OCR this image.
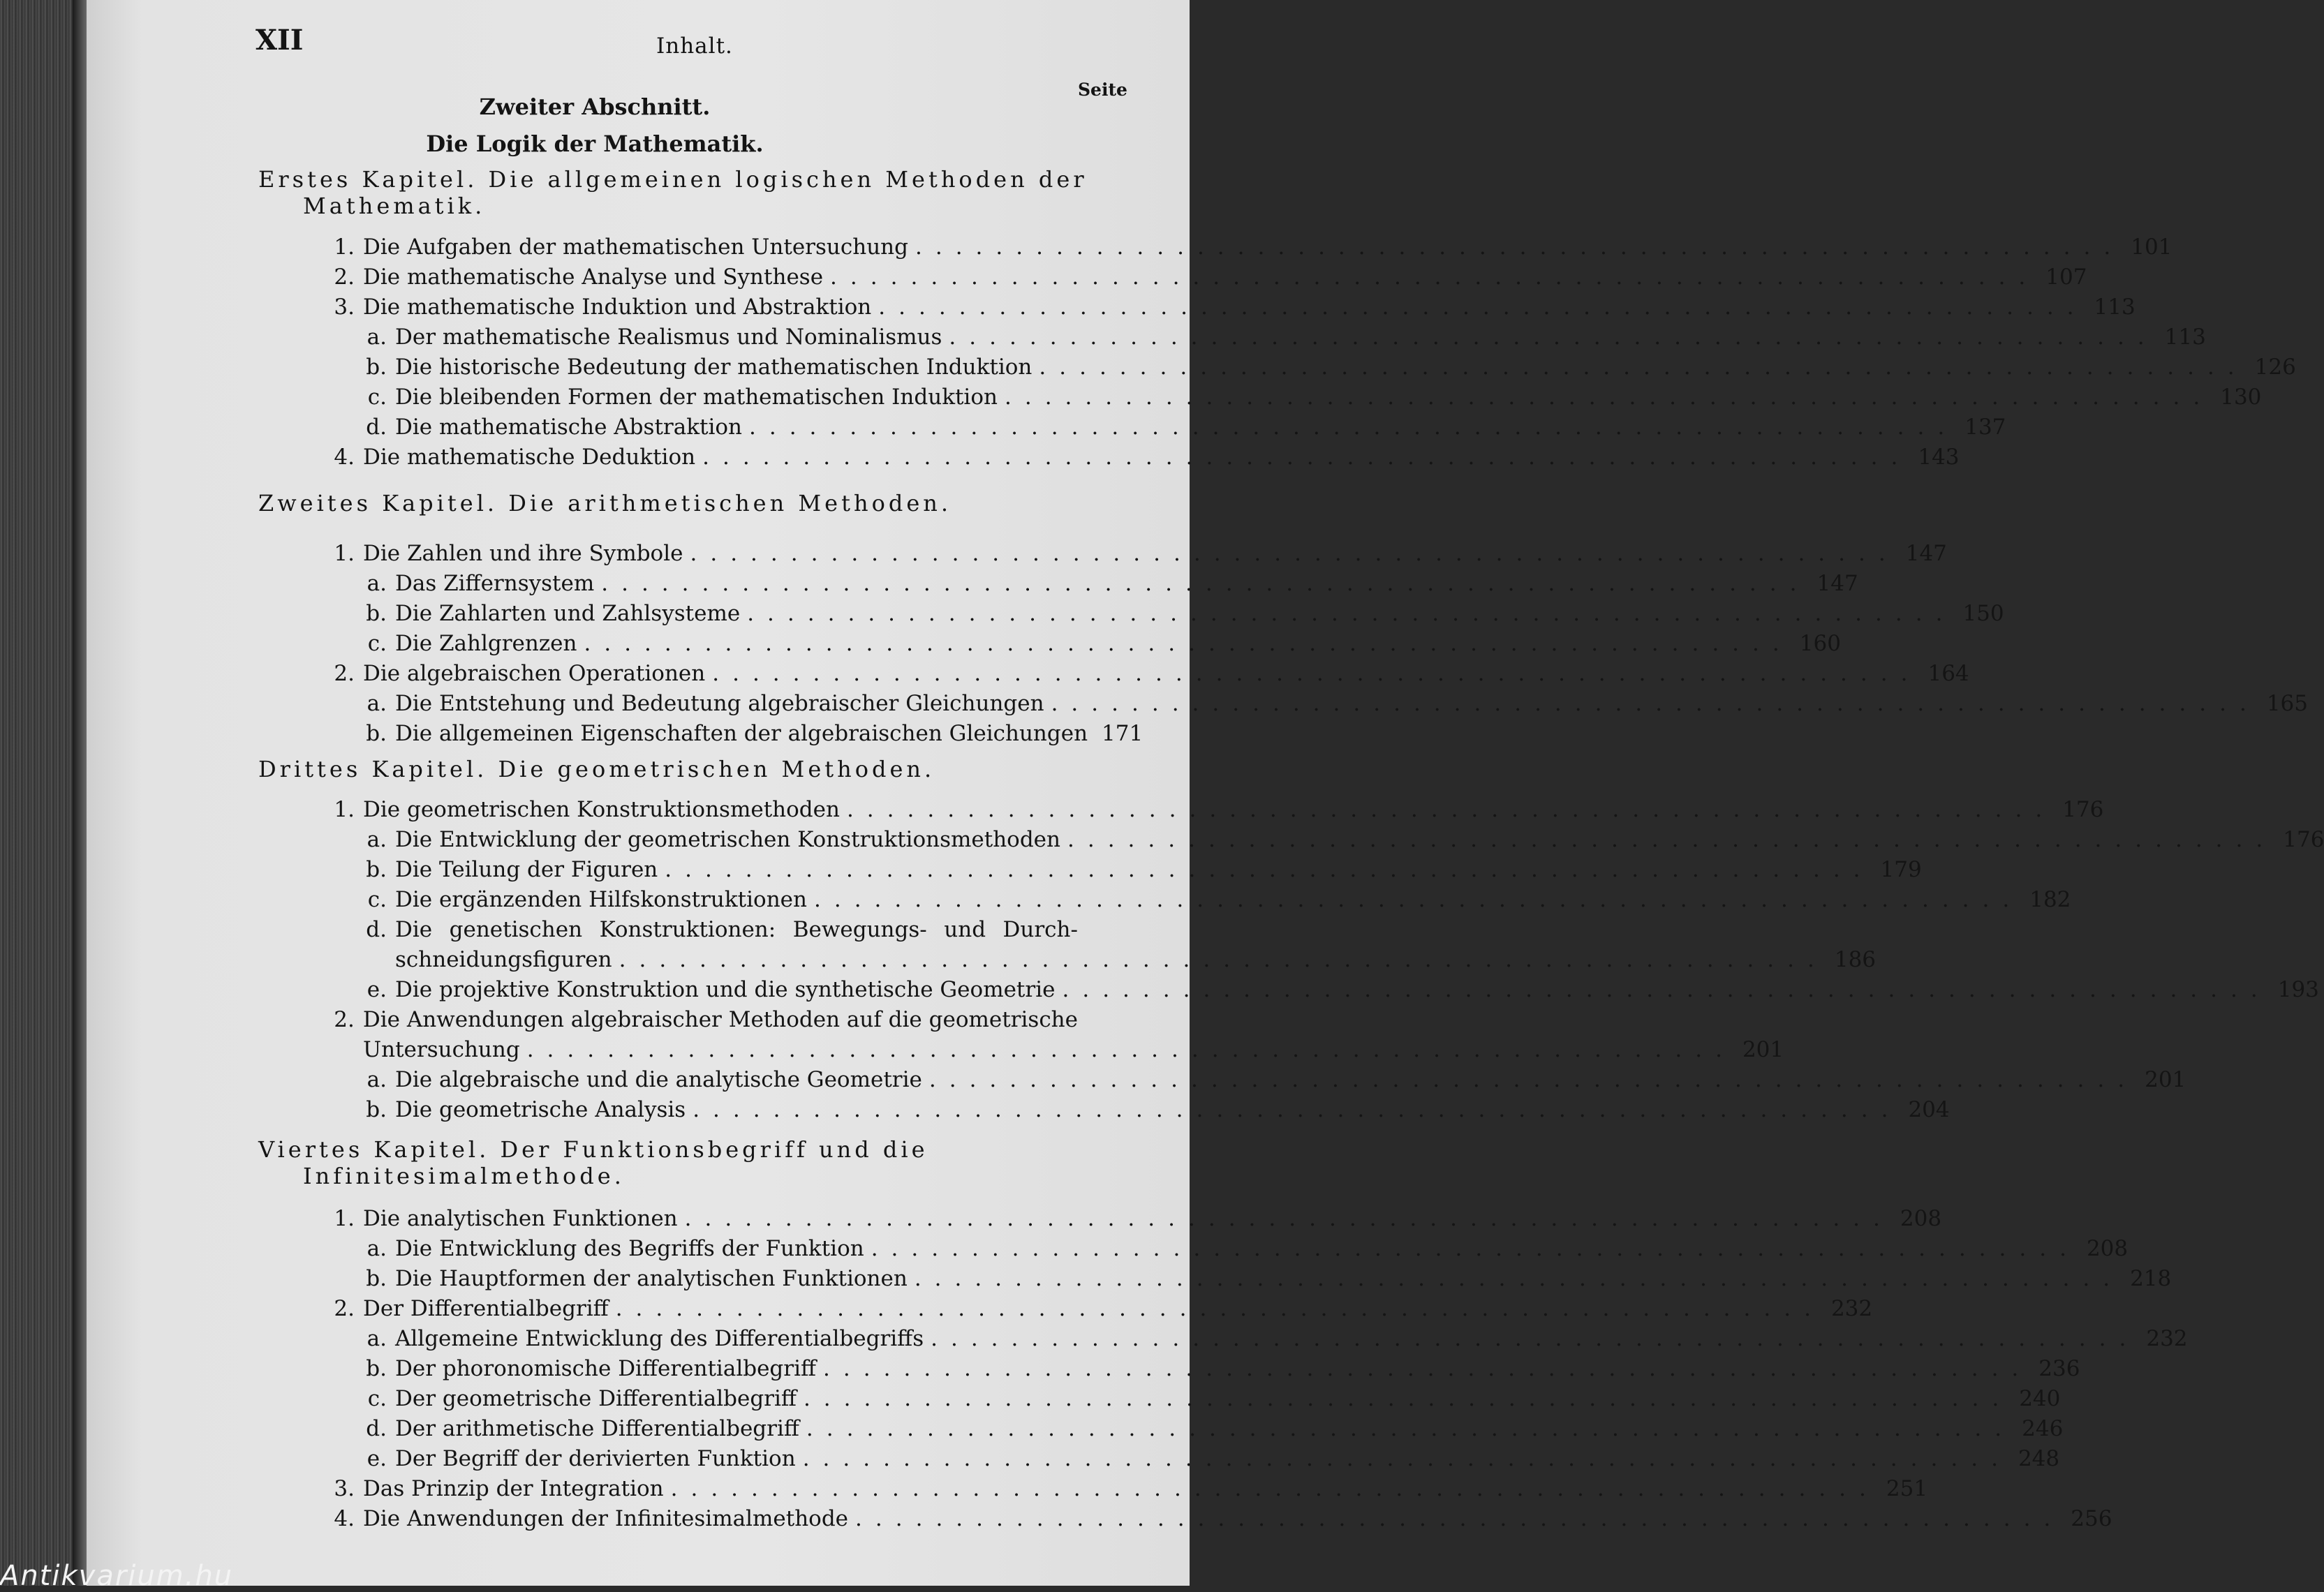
XII	Inhalt.
Seite
Zweiter Abschnitt.
Die Logik der Mathematik.
Erstes Kapitel. Die allgemeinen logischen Methoden der Mathematik.
1. Die Aufgaben der mathematischen Untersuchung ............................................................ 101
2. Die mathematische Analyse und Synthese ............................................................ 107
3. Die mathematische Induktion und Abstraktion ............................................................ 113
a. Der mathematische Realismus und Nominalismus ............................................................ 113
b. Die historische Bedeutung der mathematischen Induktion ............................................................ 126
c. Die bleibenden Formen der mathematischen Induktion ............................................................ 130
d. Die mathematische Abstraktion ............................................................ 137
4. Die mathematische Deduktion ............................................................ 143
Zweites Kapitel. Die arithmetischen Methoden.
1. Die Zahlen und ihre Symbole ............................................................ 147
a. Das Ziffernsystem ............................................................ 147
b. Die Zahlarten und Zahlsysteme ............................................................ 150
c. Die Zahlgrenzen ............................................................ 160
2. Die algebraischen Operationen ............................................................ 164
a. Die Entstehung und Bedeutung algebraischer Gleichungen ............................................................ 165
b. Die allgemeinen Eigenschaften der algebraischen Gleichungen 171
Drittes Kapitel. Die geometrischen Methoden.
1. Die geometrischen Konstruktionsmethoden ............................................................ 176
a. Die Entwicklung der geometrischen Konstruktionsmethoden ............................................................ 176
b. Die Teilung der Figuren ............................................................ 179
c. Die ergänzenden Hilfskonstruktionen ............................................................ 182
d. Die genetischen Konstruktionen: Bewegungs- und Durch-
schneidungsfiguren ............................................................ 186
e. Die projektive Konstruktion und die synthetische Geometrie ............................................................ 193
2. Die Anwendungen algebraischer Methoden auf die geometrische
Untersuchung ............................................................ 201
a. Die algebraische und die analytische Geometrie ............................................................ 201
b. Die geometrische Analysis ............................................................ 204
Viertes Kapitel. Der Funktionsbegriff und die Infinitesimalmethode.
1. Die analytischen Funktionen ............................................................ 208
a. Die Entwicklung des Begriffs der Funktion ............................................................ 208
b. Die Hauptformen der analytischen Funktionen ............................................................ 218
2. Der Differentialbegriff ............................................................ 232
a. Allgemeine Entwicklung des Differentialbegriffs ............................................................ 232
b. Der phoronomische Differentialbegriff ............................................................ 236
c. Der geometrische Differentialbegriff ............................................................ 240
d. Der arithmetische Differentialbegriff ............................................................ 246
e. Der Begriff der derivierten Funktion ............................................................ 248
3. Das Prinzip der Integration ............................................................ 251
4. Die Anwendungen der Infinitesimalmethode ............................................................ 256
Antikvarium.hu
